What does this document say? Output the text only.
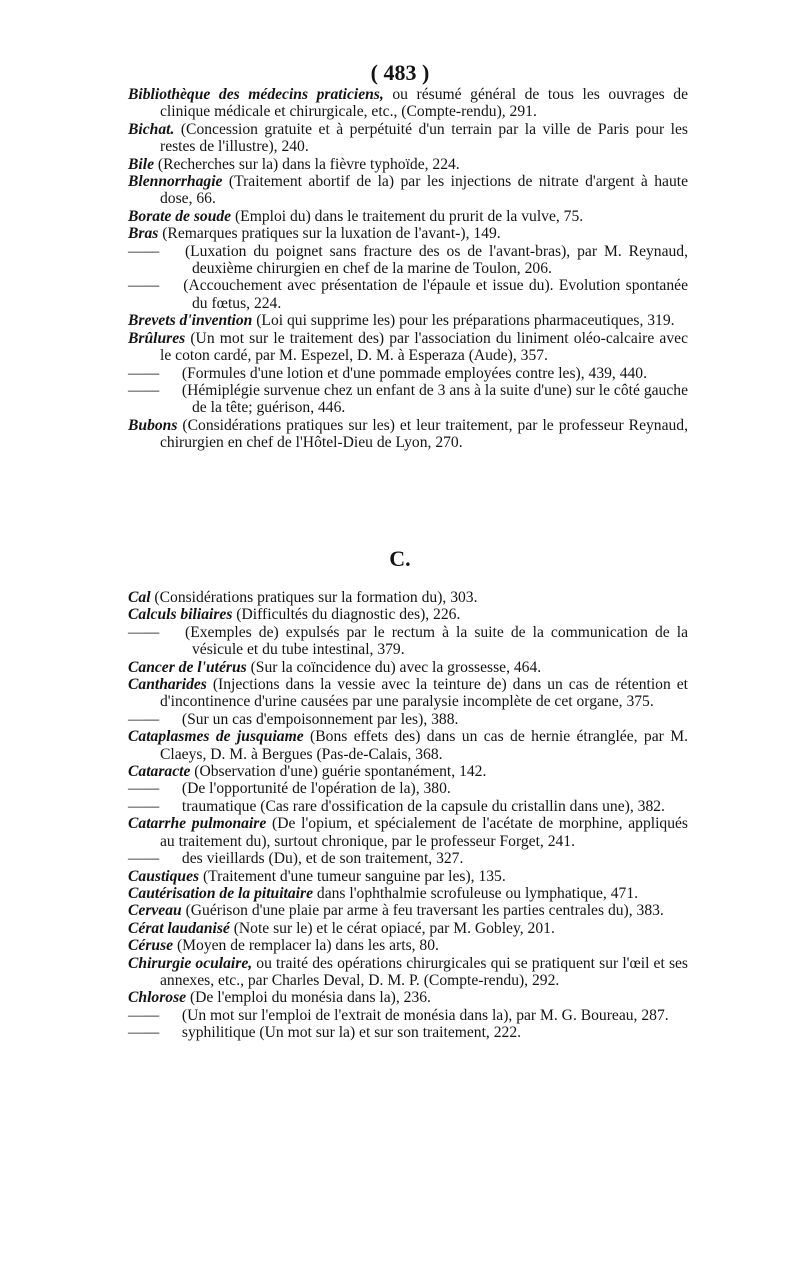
( 483 )

Bibliothèque des médecins praticiens, ou résumé général de tous les ouvrages de clinique médicale et chirurgicale, etc., (Compte-rendu), 291.

Bichat. (Concession gratuite et à perpétuité d'un terrain par la ville de Paris pour les restes de l'illustre), 240.

Bile (Recherches sur la) dans la fièvre typhoïde, 224.

Blennorrhagie (Traitement abortif de la) par les injections de nitrate d'argent à haute dose, 66.

Borate de soude (Emploi du) dans le traitement du prurit de la vulve, 75.

Bras (Remarques pratiques sur la luxation de l'avant-), 149.

—— (Luxation du poignet sans fracture des os de l'avant-bras), par M. Reynaud, deuxième chirurgien en chef de la marine de Toulon, 206.

—— (Accouchement avec présentation de l'épaule et issue du). Evolution spontanée du fœtus, 224.

Brevets d'invention (Loi qui supprime les) pour les préparations pharmaceutiques, 319.

Brûlures (Un mot sur le traitement des) par l'association du liniment oléo-calcaire avec le coton cardé, par M. Espezel, D. M. à Esperaza (Aude), 357.

—— (Formules d'une lotion et d'une pommade employées contre les), 439, 440.

—— (Hémiplégie survenue chez un enfant de 3 ans à la suite d'une) sur le côté gauche de la tête; guérison, 446.

Bubons (Considérations pratiques sur les) et leur traitement, par le professeur Reynaud, chirurgien en chef de l'Hôtel-Dieu de Lyon, 270.

C.

Cal (Considérations pratiques sur la formation du), 303.

Calculs biliaires (Difficultés du diagnostic des), 226.

—— (Exemples de) expulsés par le rectum à la suite de la communication de la vésicule et du tube intestinal, 379.

Cancer de l'utérus (Sur la coïncidence du) avec la grossesse, 464.

Cantharides (Injections dans la vessie avec la teinture de) dans un cas de rétention et d'incontinence d'urine causées par une paralysie incomplète de cet organe, 375.

—— (Sur un cas d'empoisonnement par les), 388.

Cataplasmes de jusquiame (Bons effets des) dans un cas de hernie étranglée, par M. Claeys, D. M. à Bergues (Pas-de-Calais, 368.

Cataracte (Observation d'une) guérie spontanément, 142.

—— (De l'opportunité de l'opération de la), 380.

—— traumatique (Cas rare d'ossification de la capsule du cristallin dans une), 382.

Catarrhe pulmonaire (De l'opium, et spécialement de l'acétate de morphine, appliqués au traitement du), surtout chronique, par le professeur Forget, 241.

—— des vieillards (Du), et de son traitement, 327.

Caustiques (Traitement d'une tumeur sanguine par les), 135.

Cautérisation de la pituitaire dans l'ophthalmie scrofuleuse ou lymphatique, 471.

Cerveau (Guérison d'une plaie par arme à feu traversant les parties centrales du), 383.

Cérat laudanisé (Note sur le) et le cérat opiacé, par M. Gobley, 201.

Céruse (Moyen de remplacer la) dans les arts, 80.

Chirurgie oculaire, ou traité des opérations chirurgicales qui se pratiquent sur l'œil et ses annexes, etc., par Charles Deval, D. M. P. (Compte-rendu), 292.

Chlorose (De l'emploi du monésia dans la), 236.

—— (Un mot sur l'emploi de l'extrait de monésia dans la), par M. G. Boureau, 287.

—— syphilitique (Un mot sur la) et sur son traitement, 222.
